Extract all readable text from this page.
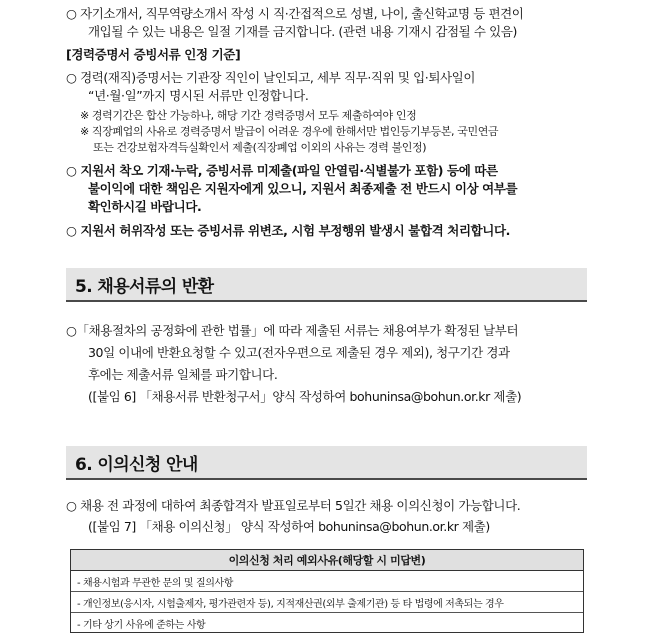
○ 자기소개서, 직무역량소개서 작성 시 직·간접적으로 성별, 나이, 출신학교명 등 편견이
개입될 수 있는 내용은 일절 기재를 금지합니다. (관련 내용 기재시 감점될 수 있음)
[경력증명서 증빙서류 인정 기준]
○ 경력(재직)증명서는 기관장 직인이 날인되고, 세부 직무·직위 및 입·퇴사일이
“년·월·일”까지 명시된 서류만 인정합니다.
※ 경력기간은 합산 가능하나, 해당 기간 경력증명서 모두 제출하여야 인정
※ 직장폐업의 사유로 경력증명서 발급이 어려운 경우에 한해서만 법인등기부등본, 국민연금
또는 건강보험자격득실확인서 제출(직장폐업 이외의 사유는 경력 불인정)
○ 지원서 착오 기재·누락, 증빙서류 미제출(파일 안열림·식별불가 포함) 등에 따른
불이익에 대한 책임은 지원자에게 있으니, 지원서 최종제출 전 반드시 이상 여부를
확인하시길 바랍니다.
○ 지원서 허위작성 또는 증빙서류 위변조, 시험 부정행위 발생시 불합격 처리합니다.
5. 채용서류의 반환
○「채용절차의 공정화에 관한 법률」에 따라 제출된 서류는 채용여부가 확정된 날부터
30일 이내에 반환요청할 수 있고(전자우편으로 제출된 경우 제외), 청구기간 경과
후에는 제출서류 일체를 파기합니다.
([붙임 6] 「채용서류 반환청구서」양식 작성하여 bohuninsa@bohun.or.kr 제출)
6. 이의신청 안내
○ 채용 전 과정에 대하여 최종합격자 발표일로부터 5일간 채용 이의신청이 가능합니다.
([붙임 7] 「채용 이의신청」 양식 작성하여 bohuninsa@bohun.or.kr 제출)
이의신청 처리 예외사유(해당할 시 미답변)
- 채용시험과 무관한 문의 및 질의사항
- 개인정보(응시자, 시험출제자, 평가관련자 등), 지적재산권(외부 출제기관) 등 타 법령에 저촉되는 경우
- 기타 상기 사유에 준하는 사항
